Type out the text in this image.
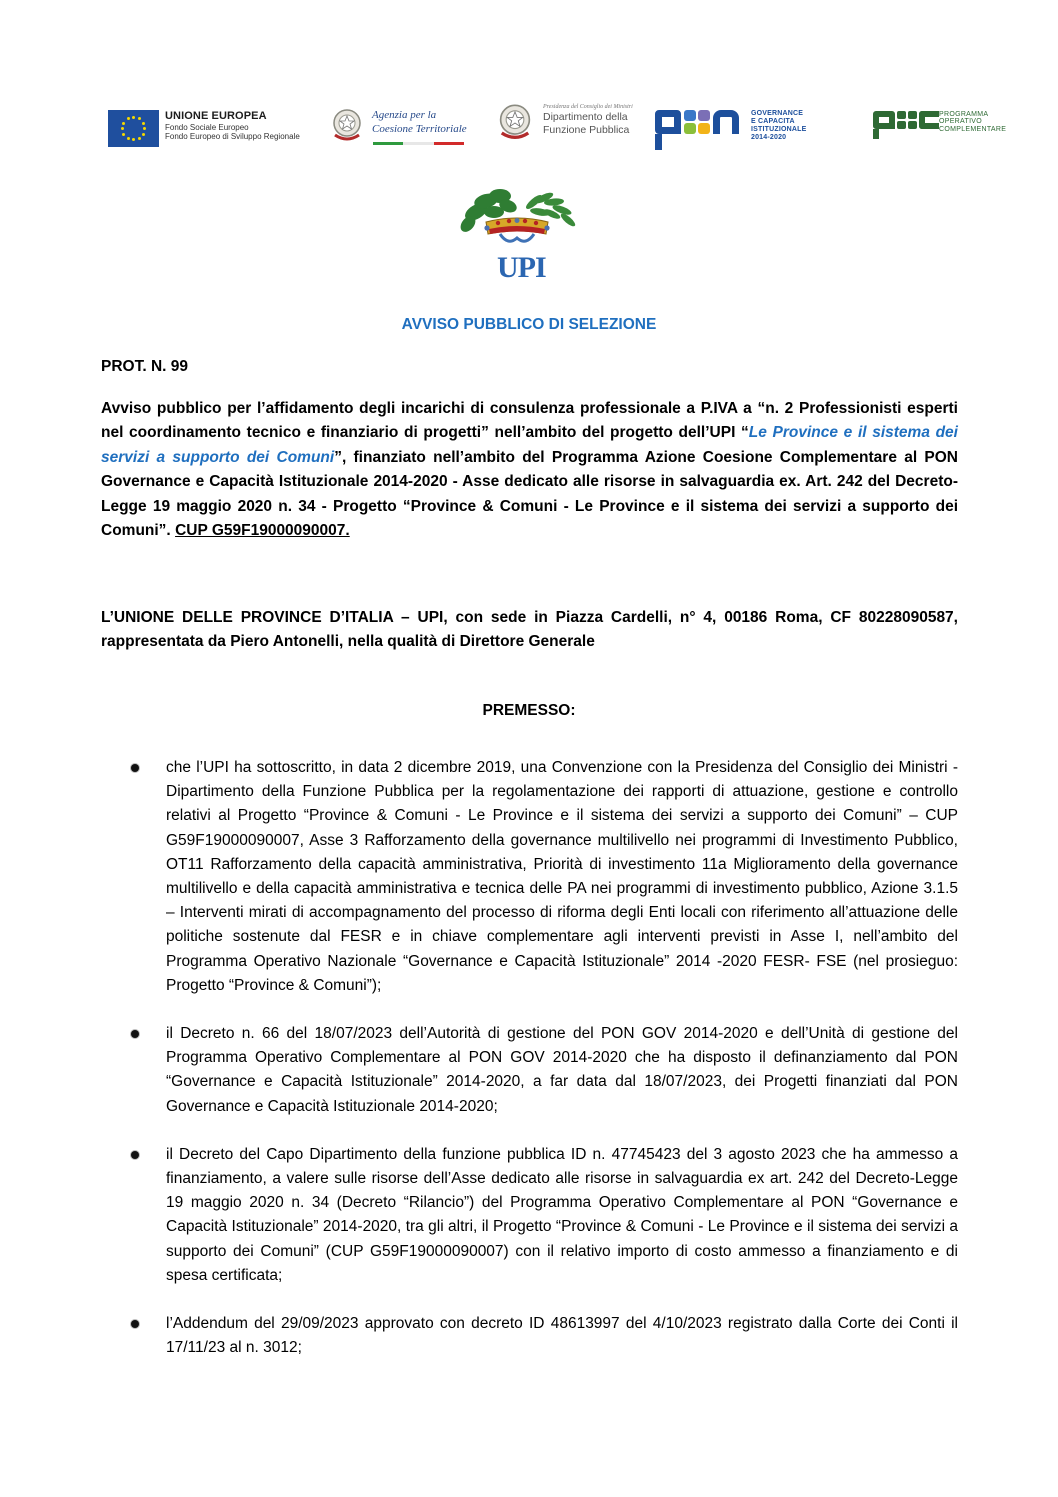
UNIONE EUROPEA
Fondo Sociale Europeo
Fondo Europeo di Sviluppo Regionale
Agenzia per la
Coesione Territoriale
Presidenza del Consiglio dei Ministri
Dipartimento della
Funzione Pubblica
GOVERNANCE
E CAPACITA
ISTITUZIONALE
2014-2020
PROGRAMMA
OPERATIVO
COMPLEMENTARE
UPI
AVVISO PUBBLICO DI SELEZIONE
PROT. N. 99
Avviso pubblico per l’affidamento degli incarichi di consulenza professionale a P.IVA a “n. 2 Professionisti esperti nel coordinamento tecnico e finanziario di progetti” nell’ambito del progetto dell’UPI “Le Province e il sistema dei servizi a supporto dei Comuni”, finanziato nell’ambito del Programma Azione Coesione Complementare al PON Governance e Capacità Istituzionale 2014-2020 - Asse dedicato alle risorse in salvaguardia ex. Art. 242 del Decreto-Legge 19 maggio 2020 n. 34 - Progetto “Province & Comuni - Le Province e il sistema dei servizi a supporto dei Comuni”. CUP G59F19000090007.
L’UNIONE DELLE PROVINCE D’ITALIA – UPI, con sede in Piazza Cardelli, n° 4, 00186 Roma, CF 80228090587, rappresentata da Piero Antonelli, nella qualità di Direttore Generale
PREMESSO:
che l’UPI ha sottoscritto, in data 2 dicembre 2019, una Convenzione con la Presidenza del Consiglio dei Ministri - Dipartimento della Funzione Pubblica per la regolamentazione dei rapporti di attuazione, gestione e controllo relativi al Progetto “Province & Comuni - Le Province e il sistema dei servizi a supporto dei Comuni” – CUP G59F19000090007, Asse 3 Rafforzamento della governance multilivello nei programmi di Investimento Pubblico, OT11 Rafforzamento della capacità amministrativa, Priorità di investimento 11a Miglioramento della governance multilivello e della capacità amministrativa e tecnica delle PA nei programmi di investimento pubblico, Azione 3.1.5 – Interventi mirati di accompagnamento del processo di riforma degli Enti locali con riferimento all’attuazione delle politiche sostenute dal FESR e in chiave complementare agli interventi previsti in Asse I, nell’ambito del Programma Operativo Nazionale “Governance e Capacità Istituzionale” 2014 -2020 FESR- FSE (nel prosieguo: Progetto “Province & Comuni”);
il Decreto n. 66 del 18/07/2023 dell’Autorità di gestione del PON GOV 2014-2020 e dell’Unità di gestione del Programma Operativo Complementare al PON GOV 2014-2020 che ha disposto il definanziamento dal PON “Governance e Capacità Istituzionale” 2014-2020, a far data dal 18/07/2023, dei Progetti finanziati dal PON Governance e Capacità Istituzionale 2014-2020;
il Decreto del Capo Dipartimento della funzione pubblica ID n. 47745423 del 3 agosto 2023 che ha ammesso a finanziamento, a valere sulle risorse dell’Asse dedicato alle risorse in salvaguardia ex art. 242 del Decreto-Legge 19 maggio 2020 n. 34 (Decreto “Rilancio”) del Programma Operativo Complementare al PON “Governance e Capacità Istituzionale” 2014-2020, tra gli altri, il Progetto “Province & Comuni - Le Province e il sistema dei servizi a supporto dei Comuni” (CUP G59F19000090007) con il relativo importo di costo ammesso a finanziamento e di spesa certificata;
l’Addendum del 29/09/2023 approvato con decreto ID 48613997 del 4/10/2023 registrato dalla Corte dei Conti il 17/11/23 al n. 3012;
